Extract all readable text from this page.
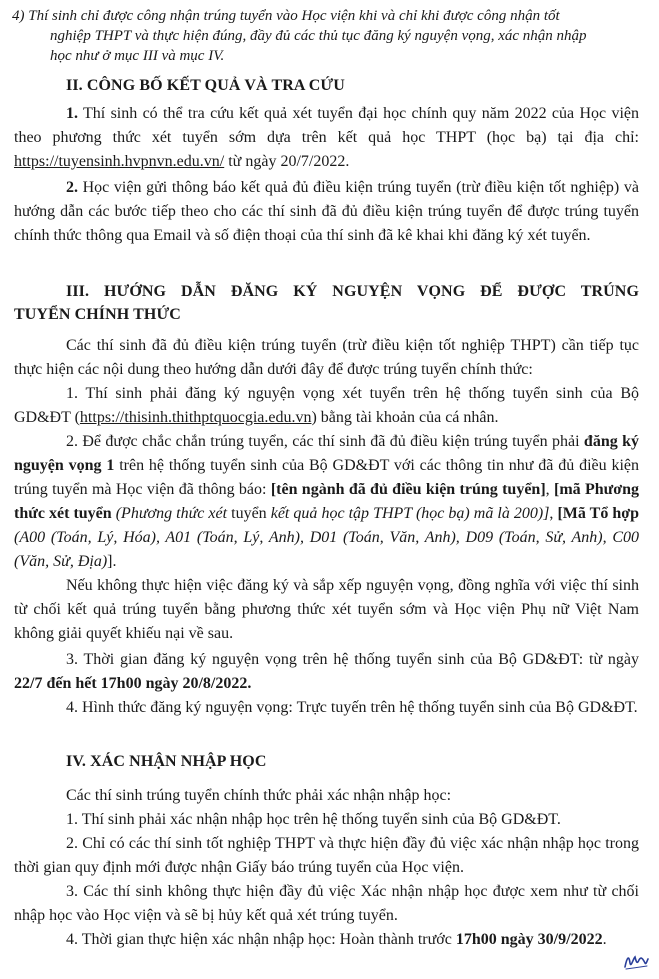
4) Thí sinh chỉ được công nhận trúng tuyển vào Học viện khi và chỉ khi được công nhận tốt
nghiệp THPT và thực hiện đúng, đầy đủ các thủ tục đăng ký nguyện vọng, xác nhận nhập
học như ở mục III và mục IV.
II. CÔNG BỐ KẾT QUẢ VÀ TRA CỨU
1. Thí sinh có thể tra cứu kết quả xét tuyển đại học chính quy năm 2022 của Học viện theo phương thức xét tuyển sớm dựa trên kết quả học THPT (học bạ) tại địa chỉ: https://tuyensinh.hvpnvn.edu.vn/ từ ngày 20/7/2022.
2. Học viện gửi thông báo kết quả đủ điều kiện trúng tuyển (trừ điều kiện tốt nghiệp) và hướng dẫn các bước tiếp theo cho các thí sinh đã đủ điều kiện trúng tuyển để được trúng tuyển chính thức thông qua Email và số điện thoại của thí sinh đã kê khai khi đăng ký xét tuyển.
III. HƯỚNG DẪN ĐĂNG KÝ NGUYỆN VỌNG ĐỂ ĐƯỢC TRÚNG
TUYỂN CHÍNH THỨC
Các thí sinh đã đủ điều kiện trúng tuyển (trừ điều kiện tốt nghiệp THPT) cần tiếp tục thực hiện các nội dung theo hướng dẫn dưới đây để được trúng tuyển chính thức:
1. Thí sinh phải đăng ký nguyện vọng xét tuyển trên hệ thống tuyển sinh của Bộ GD&ĐT (https://thisinh.thithptquocgia.edu.vn) bằng tài khoản của cá nhân.
2. Để được chắc chắn trúng tuyển, các thí sinh đã đủ điều kiện trúng tuyển phải đăng ký nguyện vọng 1 trên hệ thống tuyển sinh của Bộ GD&ĐT với các thông tin như đã đủ điều kiện trúng tuyển mà Học viện đã thông báo: [tên ngành đã đủ điều kiện trúng tuyển], [mã Phương thức xét tuyển (Phương thức xét tuyển kết quả học tập THPT (học bạ) mã là 200)], [Mã Tổ hợp (A00 (Toán, Lý, Hóa), A01 (Toán, Lý, Anh), D01 (Toán, Văn, Anh), D09 (Toán, Sử, Anh), C00 (Văn, Sử, Địa)].
Nếu không thực hiện việc đăng ký và sắp xếp nguyện vọng, đồng nghĩa với việc thí sinh từ chối kết quả trúng tuyển bằng phương thức xét tuyển sớm và Học viện Phụ nữ Việt Nam không giải quyết khiếu nại về sau.
3. Thời gian đăng ký nguyện vọng trên hệ thống tuyển sinh của Bộ GD&ĐT: từ ngày 22/7 đến hết 17h00 ngày 20/8/2022.
4. Hình thức đăng ký nguyện vọng: Trực tuyến trên hệ thống tuyển sinh của Bộ GD&ĐT.
IV. XÁC NHẬN NHẬP HỌC
Các thí sinh trúng tuyển chính thức phải xác nhận nhập học:
1. Thí sinh phải xác nhận nhập học trên hệ thống tuyển sinh của Bộ GD&ĐT.
2. Chỉ có các thí sinh tốt nghiệp THPT và thực hiện đầy đủ việc xác nhận nhập học trong thời gian quy định mới được nhận Giấy báo trúng tuyển của Học viện.
3. Các thí sinh không thực hiện đầy đủ việc Xác nhận nhập học được xem như từ chối nhập học vào Học viện và sẽ bị hủy kết quả xét trúng tuyển.
4. Thời gian thực hiện xác nhận nhập học: Hoàn thành trước 17h00 ngày 30/9/2022.
